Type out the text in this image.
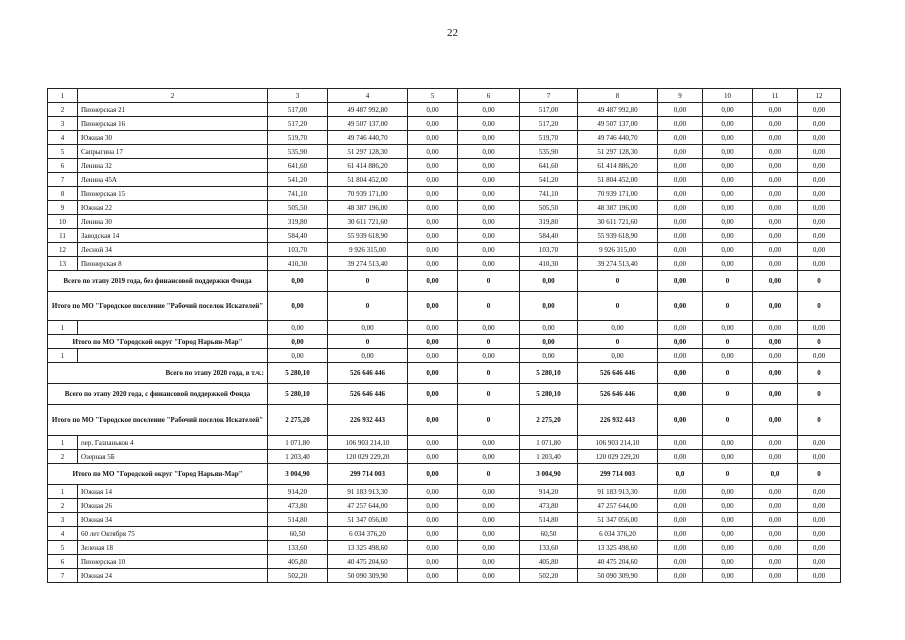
22
1	2	3	4	5	6	7	8	9	10	11	12
2	Пионерская 21	517,00	49 487 992,80	0,00	0,00	517,00	49 487 992,80	0,00	0,00	0,00	0,00
3	Пионерская 16	517,20	49 507 137,00	0,00	0,00	517,20	49 507 137,00	0,00	0,00	0,00	0,00
4	Южная 30	519,70	49 746 440,70	0,00	0,00	519,70	49 746 440,70	0,00	0,00	0,00	0,00
5	Сапрыгина 17	535,90	51 297 128,30	0,00	0,00	535,90	51 297 128,30	0,00	0,00	0,00	0,00
6	Ленина 32	641,60	61 414 886,20	0,00	0,00	641,60	61 414 886,20	0,00	0,00	0,00	0,00
7	Ленина 45А	541,20	51 804 452,00	0,00	0,00	541,20	51 804 452,00	0,00	0,00	0,00	0,00
8	Пионерская 15	741,10	70 939 171,00	0,00	0,00	741,10	70 939 171,00	0,00	0,00	0,00	0,00
9	Южная 22	505,50	48 387 196,00	0,00	0,00	505,50	48 387 196,00	0,00	0,00	0,00	0,00
10	Ленина 30	319,80	30 611 721,60	0,00	0,00	319,80	30 611 721,60	0,00	0,00	0,00	0,00
11	Заводская 14	584,40	55 939 618,90	0,00	0,00	584,40	55 939 618,90	0,00	0,00	0,00	0,00
12	Лесной 34	103,70	9 926 315,00	0,00	0,00	103,70	9 926 315,00	0,00	0,00	0,00	0,00
13	Пионерская 8	410,30	39 274 513,40	0,00	0,00	410,30	39 274 513,40	0,00	0,00	0,00	0,00
Всего по этапу 2019 года, без финансовой поддержки Фонда		0,00	0	0,00	0	0,00	0	0,00	0	0,00	0
Итого по МО "Городское поселение "Рабочий поселок Искателей"		0,00	0	0,00	0	0,00	0	0,00	0	0,00	0
1		0,00	0,00	0,00	0,00	0,00	0,00	0,00	0,00	0,00	0,00
Итого по МО "Городской округ "Город Нарьян-Мар"		0,00	0	0,00	0	0,00	0	0,00	0	0,00	0
1		0,00	0,00	0,00	0,00	0,00	0,00	0,00	0,00	0,00	0,00
Всего по этапу 2020 года, в т.ч.:		5 280,10	526 646 446	0,00	0	5 280,10	526 646 446	0,00	0	0,00	0
Всего по этапу 2020 года, с финансовой поддержкой Фонда		5 280,10	526 646 446	0,00	0	5 280,10	526 646 446	0,00	0	0,00	0
Итого по МО "Городское поселение "Рабочий поселок Искателей"		2 275,20	226 932 443	0,00	0	2 275,20	226 932 443	0,00	0	0,00	0
1	пер. Газпаньков 4	1 071,80	106 903 214,10	0,00	0,00	1 071,80	106 903 214,10	0,00	0,00	0,00	0,00
2	Озерная 5Б	1 203,40	120 029 229,20	0,00	0,00	1 203,40	120 029 229,20	0,00	0,00	0,00	0,00
Итого по МО "Городской округ "Город Нарьян-Мар"		3 004,90	299 714 003	0,00	0	3 004,90	299 714 003	0,0	0	0,0	0
1	Южная 14	914,20	91 183 913,30	0,00	0,00	914,20	91 183 913,30	0,00	0,00	0,00	0,00
2	Южная 26	473,80	47 257 644,00	0,00	0,00	473,80	47 257 644,00	0,00	0,00	0,00	0,00
3	Южная 34	514,80	51 347 056,00	0,00	0,00	514,80	51 347 056,00	0,00	0,00	0,00	0,00
4	60 лет Октября 75	60,50	6 034 376,20	0,00	0,00	60,50	6 034 376,20	0,00	0,00	0,00	0,00
5	Зеленая 18	133,60	13 325 498,60	0,00	0,00	133,60	13 325 498,60	0,00	0,00	0,00	0,00
6	Пионерская 10	405,80	40 475 204,60	0,00	0,00	405,80	40 475 204,60	0,00	0,00	0,00	0,00
7	Южная 24	502,20	50 090 309,90	0,00	0,00	502,20	50 090 309,90	0,00	0,00	0,00	0,00
